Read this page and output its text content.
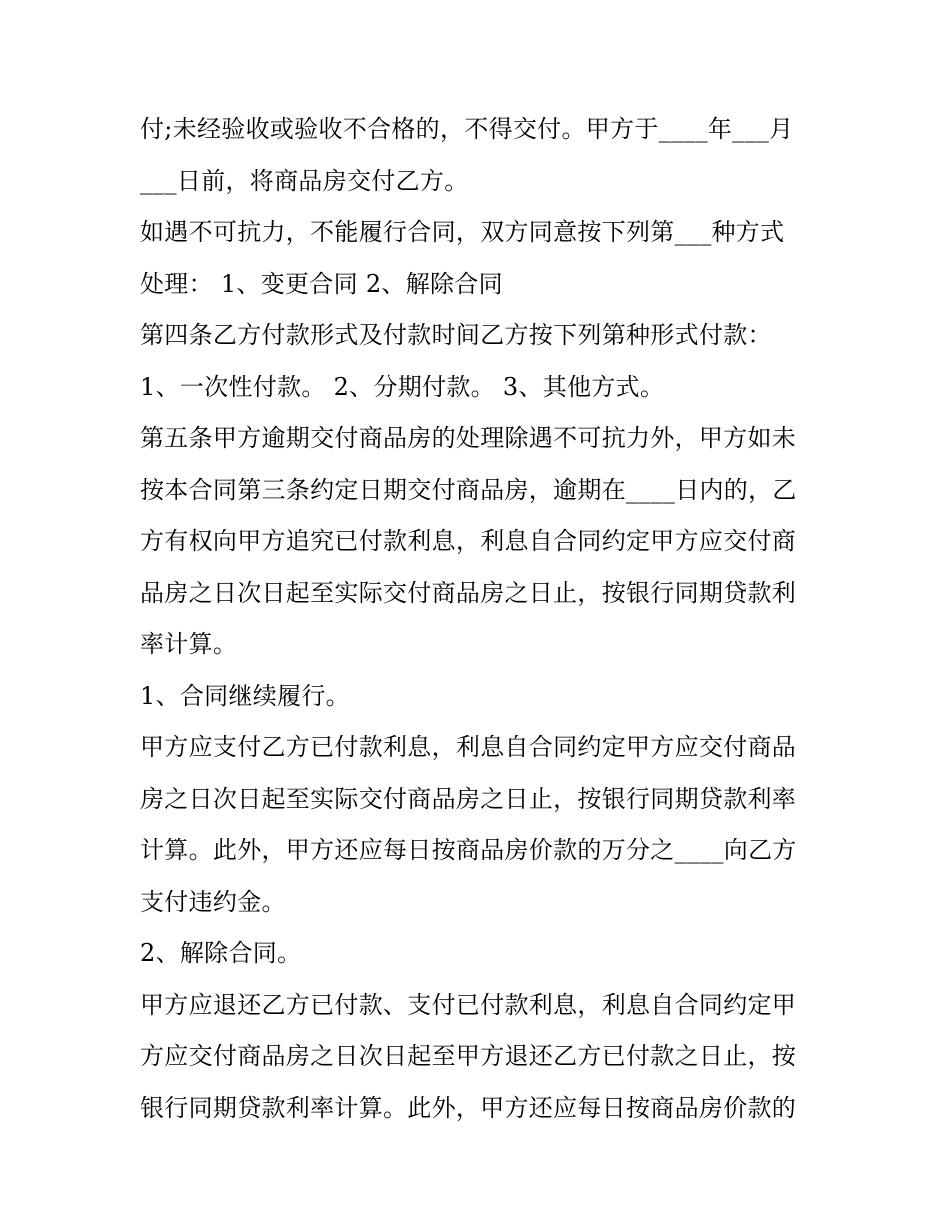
付;未经验收或验收不合格的，不得交付。甲方于____年___月
___日前，将商品房交付乙方。
如遇不可抗力，不能履行合同，双方同意按下列第___种方式
处理： 1、变更合同 2、解除合同
第四条乙方付款形式及付款时间乙方按下列第种形式付款：
1、一次性付款。 2、分期付款。 3、其他方式。
第五条甲方逾期交付商品房的处理除遇不可抗力外，甲方如未
按本合同第三条约定日期交付商品房，逾期在____日内的，乙
方有权向甲方追究已付款利息，利息自合同约定甲方应交付商
品房之日次日起至实际交付商品房之日止，按银行同期贷款利
率计算。
1、合同继续履行。
甲方应支付乙方已付款利息，利息自合同约定甲方应交付商品
房之日次日起至实际交付商品房之日止，按银行同期贷款利率
计算。此外，甲方还应每日按商品房价款的万分之____向乙方
支付违约金。
2、解除合同。
甲方应退还乙方已付款、支付已付款利息，利息自合同约定甲
方应交付商品房之日次日起至甲方退还乙方已付款之日止，按
银行同期贷款利率计算。此外，甲方还应每日按商品房价款的
